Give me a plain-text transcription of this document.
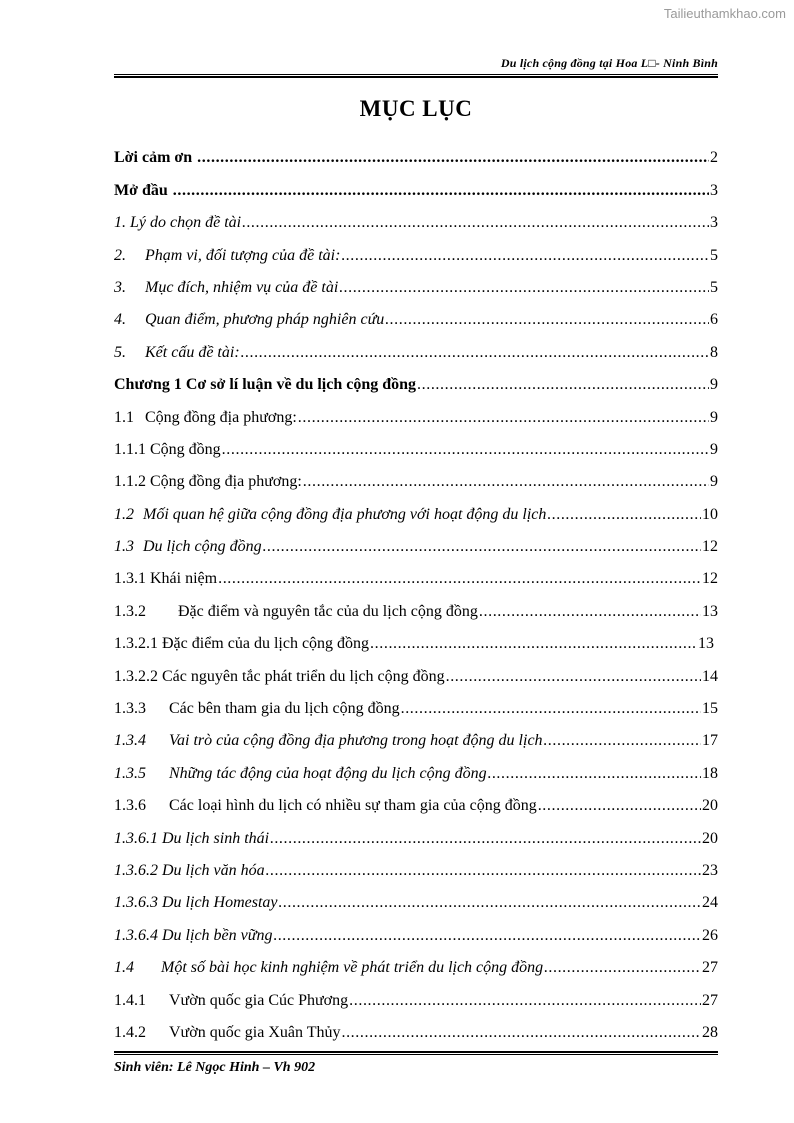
Tailieuthamkhao.com
Du lịch cộng đồng tại Hoa L□- Ninh Bình
MỤC LỤC
Lời cảm ơn .....	2
Mở đầu .....	3
1. Lý do chọn đề tài .....	3
2. Phạm vi, đối tượng của đề tài: .....	5
3. Mục đích, nhiệm vụ của đề tài .....	5
4. Quan điểm, phương pháp nghiên cứu .....	6
5. Kết cấu đề tài: .....	8
Chương 1 Cơ sở lí luận về du lịch cộng đồng .....	9
1.1 Cộng đồng địa phương: .....	9
1.1.1 Cộng đồng .....	9
1.1.2 Cộng đồng địa phương: .....	9
1.2 Mối quan hệ giữa cộng đồng địa phương với hoạt động du lịch .....	10
1.3 Du lịch cộng đồng .....	12
1.3.1 Khái niệm .....	12
1.3.2 Đặc điểm và nguyên tắc của du lịch cộng đồng .....	13
1.3.2.1 Đặc điểm của du lịch cộng đồng .....	13
1.3.2.2 Các nguyên tắc phát triển du lịch cộng đồng .....	14
1.3.3 Các bên tham gia du lịch cộng đồng .....	15
1.3.4 Vai trò của cộng đồng địa phương trong hoạt động du lịch .....	17
1.3.5 Những tác động của hoạt động du lịch cộng đồng .....	18
1.3.6 Các loại hình du lịch có nhiều sự tham gia của cộng đồng .....	20
1.3.6.1 Du lịch sinh thái .....	20
1.3.6.2 Du lịch văn hóa .....	23
1.3.6.3 Du lịch Homestay .....	24
1.3.6.4 Du lịch bền vững .....	26
1.4 Một số bài học kinh nghiệm về phát triển du lịch cộng đồng .....	27
1.4.1 Vườn quốc gia Cúc Phương .....	27
1.4.2 Vườn quốc gia Xuân Thủy .....	28
Sinh viên: Lê Ngọc Hinh – Vh 902
